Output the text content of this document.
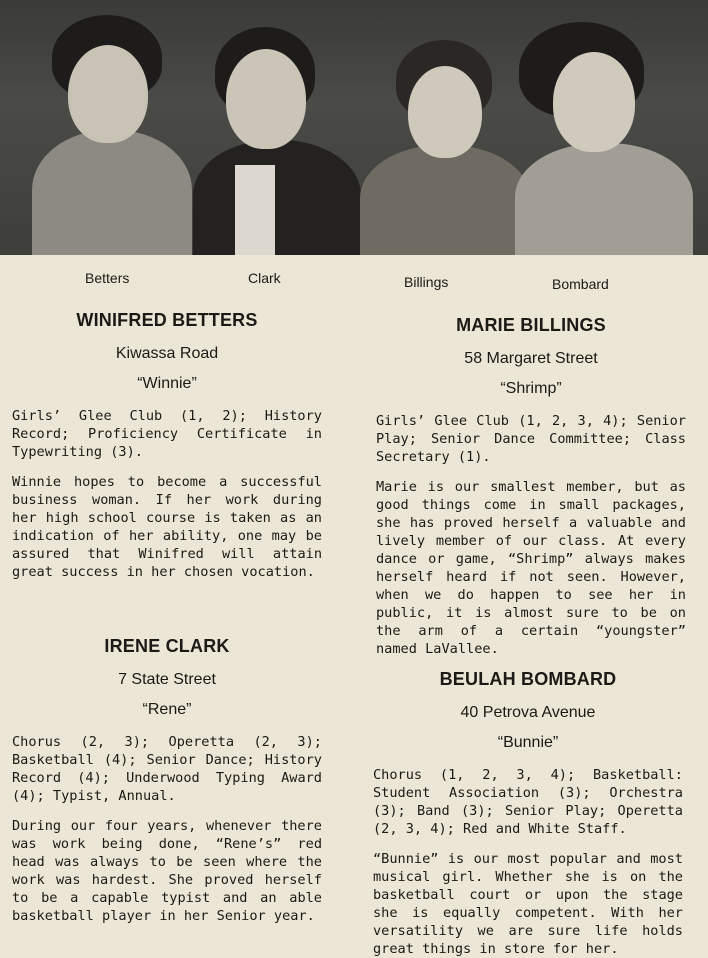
Betters	Clark	Billings	Bombard
WINIFRED BETTERS
Kiwassa Road
“Winnie”

Girls’ Glee Club (1, 2); History Record; Proficiency Certificate in Typewriting (3).

Winnie hopes to become a successful business woman. If her work during her high school course is taken as an indication of her ability, one may be assured that Winifred will attain great success in her chosen vocation.

IRENE CLARK
7 State Street
“Rene”

Chorus (2, 3); Operetta (2, 3); Basketball (4); Senior Dance; History Record (4); Underwood Typing Award (4); Typist, Annual.

During our four years, whenever there was work being done, “Rene’s” red head was always to be seen where the work was hardest. She proved herself to be a capable typist and an able basketball player in her Senior year.

MARIE BILLINGS
58 Margaret Street
“Shrimp”

Girls’ Glee Club (1, 2, 3, 4); Senior Play; Senior Dance Committee; Class Secretary (1).

Marie is our smallest member, but as good things come in small packages, she has proved herself a valuable and lively member of our class. At every dance or game, “Shrimp” always makes herself heard if not seen. However, when we do happen to see her in public, it is almost sure to be on the arm of a certain “youngster” named LaVallee.

BEULAH BOMBARD
40 Petrova Avenue
“Bunnie”

Chorus (1, 2, 3, 4); Basketball: Student Association (3); Orchestra (3); Band (3); Senior Play; Operetta (2, 3, 4); Red and White Staff.

“Bunnie” is our most popular and most musical girl. Whether she is on the basketball court or upon the stage she is equally competent. With her versatility we are sure life holds great things in store for her.
